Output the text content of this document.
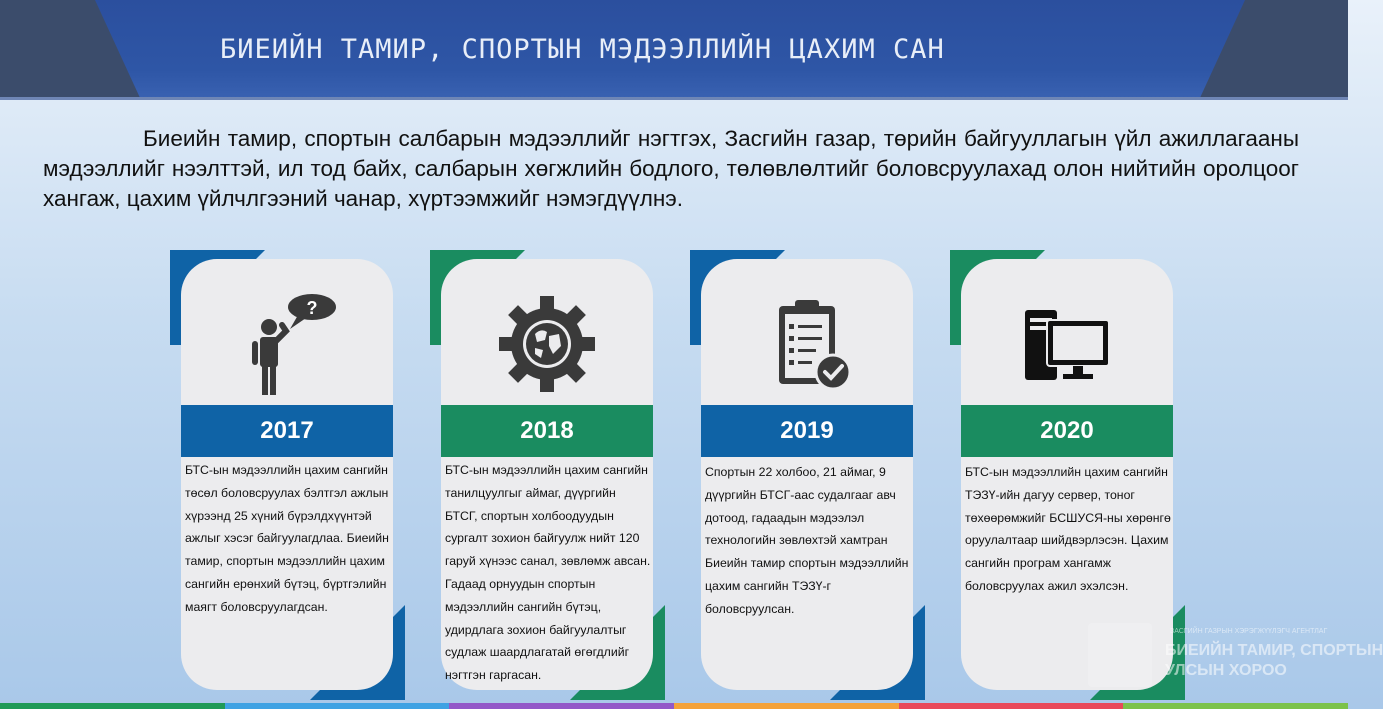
БИЕИЙН ТАМИР, СПОРТЫН МЭДЭЭЛЛИЙН ЦАХИМ САН
Биеийн тамир, спортын салбарын мэдээллийг нэгтгэх, Засгийн газар, төрийн байгууллагын үйл ажиллагааны мэдээллийг нээлттэй, ил тод байх, салбарын хөгжлийн бодлого, төлөвлөлтийг боловсруулахад олон нийтийн оролцоог хангаж, цахим үйлчлгээний чанар, хүртээмжийг нэмэгдүүлнэ.
?
2017
БТС-ын мэдээллийн цахим сангийн төсөл боловсруулах бэлтгэл ажлын хүрээнд 25 хүний бүрэлдхүүнтэй ажлыг хэсэг байгуулагдлаа. Биеийн тамир, спортын мэдээллийн цахим сангийн ерөнхий бүтэц, бүртгэлийн маягт боловсруулагдсан.
2018
БТС-ын мэдээллийн цахим сангийн танилцуулгыг аймаг, дүүргийн БТСГ, спортын холбоодуудын сургалт зохион байгуулж нийт 120 гаруй хүнээс санал, зөвлөмж авсан. Гадаад орнуудын спортын мэдээллийн сангийн бүтэц, удирдлага зохион байгуулалтыг судлаж шаардлагатай өгөгдлийг нэгтгэн гаргасан.
2019
Спортын 22 холбоо, 21 аймаг, 9 дүүргийн БТСГ-аас судалгааг авч дотоод, гадаадын мэдээлэл технологийн зөвлөхтэй хамтран Биеийн тамир спортын мэдээллийн цахим сангийн ТЭЗҮ-г боловсруулсан.
2020
БТС-ын мэдээллийн цахим сангийн ТЭЗҮ-ийн дагуу сервер, тоног төхөөрөмжийг БСШУСЯ-ны хөрөнгө оруулалтаар шийдвэрлэсэн. Цахим сангийн програм хангамж боловсруулах ажил эхэлсэн.
ЗАСГИЙН ГАЗРЫН ХЭРЭГЖҮҮЛЭГЧ АГЕНТЛАГ
БИЕИЙН ТАМИР, СПОРТЫН
УЛСЫН ХОРОО
